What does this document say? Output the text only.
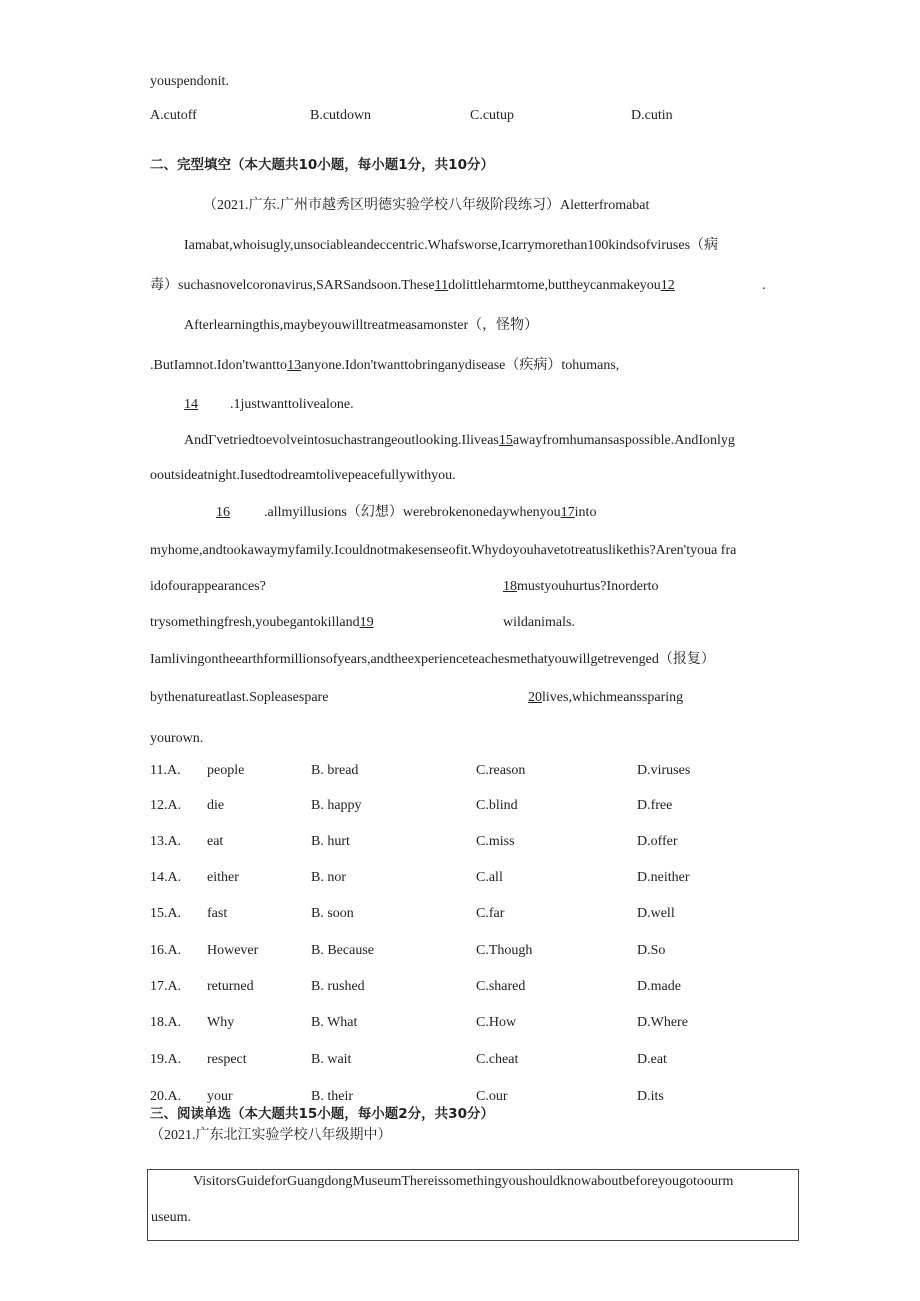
youspendonit.
A.cutoff	B.cutdown	C.cutup	D.cutin
二、完型填空（本大题共10小题，每小题1分，共10分）
（2021.广东.广州市越秀区明德实验学校八年级阶段练习）Aletterfromabat
Iamabat,whoisugly,unsociableandeccentric.Whafsworse,Icarrymorethan100kindsofviruses（病
毒）suchasnovelcoronavirus,SARSandsoon.These11dolittleharmtome,buttheycanmakeyou12	.
Afterlearningthis,maybeyouwilltreatmeasamonster（，怪物）
.ButIamnot.Idon'twantto13anyone.Idon'twanttobringanydisease（疾病）tohumans,
14 .1justwanttolivealone.
AndΓvetriedtoevolveintosuchastrangeoutlooking.Iliveas15awayfromhumansaspossible.AndIonlyg
ooutsideatnight.Iusedtodreamtolivepeacefullywithyou.
16 .allmyillusions（幻想）werebrokenonedaywhenyou17into
myhome,andtookawaymyfamily.Icouldnotmakesenseofit.Whydoyouhavetotreatuslikethis?Aren'tyoua fra
idofourappearances?	18mustyouhurtus?Inorderto
trysomethingfresh,youbegantokilland19	wildanimals.
Iamlivingontheearthformillionsofyears,andtheexperienceteachesmethatyouwillgetrevenged（报复）
bythenatureatlast.Sopleasespare	20lives,whichmeanssparing
yourown.
11.A. people	B. bread	C.reason	D.viruses
12.A. die	B. happy	C.blind	D.free
13.A. eat	B. hurt	C.miss	D.offer
14.A. either	B. nor	C.all	D.neither
15.A. fast	B. soon	C.far	D.well
16.A. However	B. Because	C.Though	D.So
17.A. returned	B. rushed	C.shared	D.made
18.A. Why	B. What	C.How	D.Where
19.A. respect	B. wait	C.cheat	D.eat
20.A. your	B. their	C.our	D.its
三、阅读单选（本大题共15小题，每小题2分，共30分）
（2021.广东北江实验学校八年级期中）
VisitorsGuideforGuangdongMuseumThereissomethingyoushouldknowaboutbeforeyougotoourm
useum.
